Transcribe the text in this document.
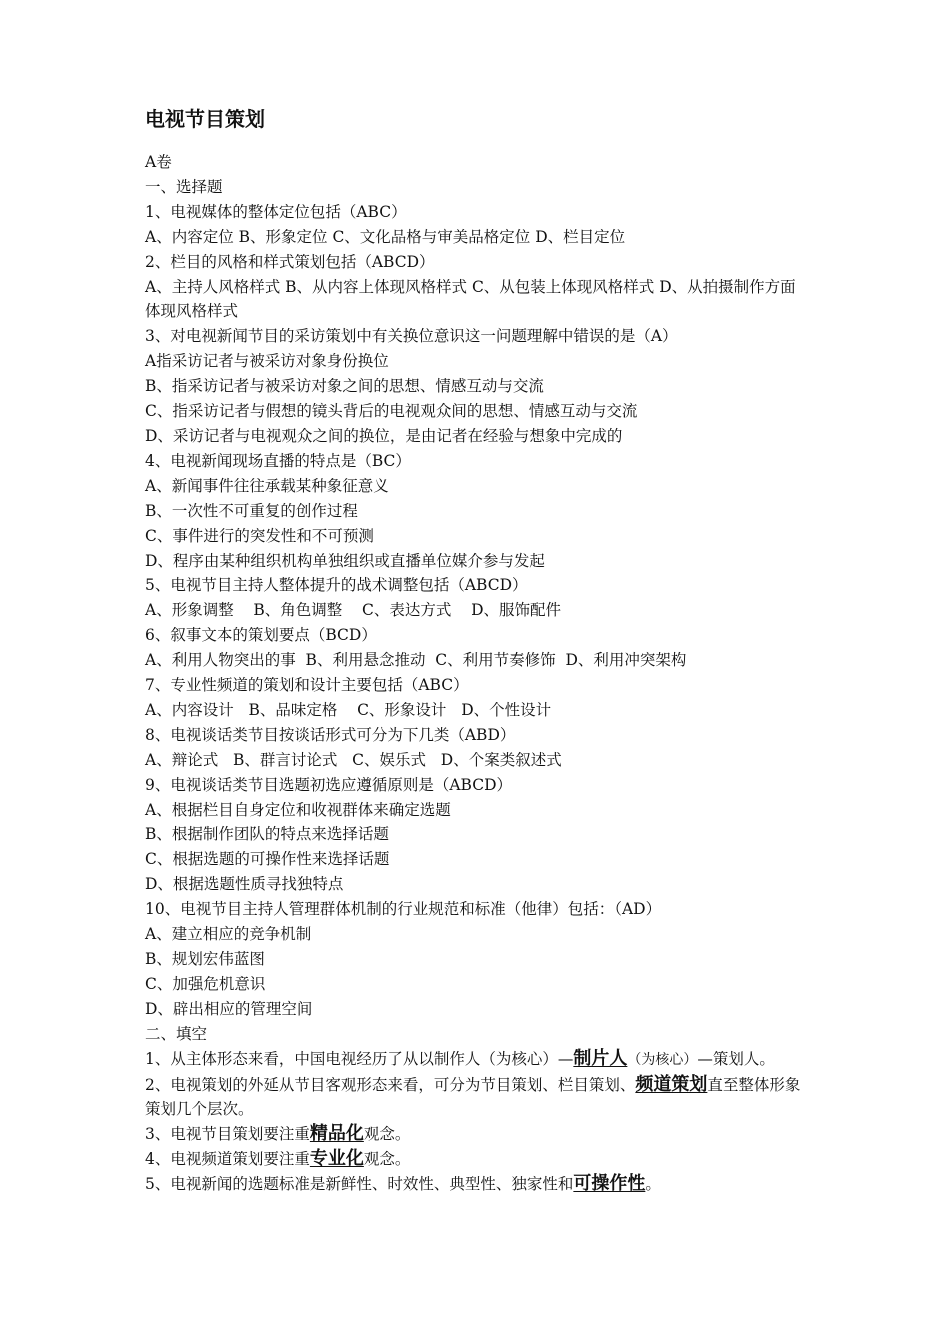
电视节目策划
A卷
一、选择题
1、电视媒体的整体定位包括（ABC）
A、内容定位 B、形象定位 C、文化品格与审美品格定位 D、栏目定位
2、栏目的风格和样式策划包括（ABCD）
A、主持人风格样式 B、从内容上体现风格样式 C、从包装上体现风格样式 D、从拍摄制作方面体现风格样式
3、对电视新闻节目的采访策划中有关换位意识这一问题理解中错误的是（A）
A指采访记者与被采访对象身份换位
B、指采访记者与被采访对象之间的思想、情感互动与交流
C、指采访记者与假想的镜头背后的电视观众间的思想、情感互动与交流
D、采访记者与电视观众之间的换位，是由记者在经验与想象中完成的
4、电视新闻现场直播的特点是（BC）
A、新闻事件往往承载某种象征意义
B、一次性不可重复的创作过程
C、事件进行的突发性和不可预测
D、程序由某种组织机构单独组织或直播单位媒介参与发起
5、电视节目主持人整体提升的战术调整包括（ABCD）
A、形象调整    B、角色调整    C、表达方式    D、服饰配件
6、叙事文本的策划要点（BCD）
A、利用人物突出的事  B、利用悬念推动  C、利用节奏修饰  D、利用冲突架构
7、专业性频道的策划和设计主要包括（ABC）
A、内容设计   B、品味定格    C、形象设计   D、个性设计
8、电视谈话类节目按谈话形式可分为下几类（ABD）
A、辩论式   B、群言讨论式   C、娱乐式   D、个案类叙述式
9、电视谈话类节目选题初选应遵循原则是（ABCD）
A、根据栏目自身定位和收视群体来确定选题
B、根据制作团队的特点来选择话题
C、根据选题的可操作性来选择话题
D、根据选题性质寻找独特点
10、电视节目主持人管理群体机制的行业规范和标准（他律）包括：（AD）
A、建立相应的竞争机制
B、规划宏伟蓝图
C、加强危机意识
D、辟出相应的管理空间
二、填空
1、从主体形态来看，中国电视经历了从以制作人（为核心）—制片人（为核心）—策划人。
2、电视策划的外延从节目客观形态来看，可分为节目策划、栏目策划、频道策划直至整体形象策划几个层次。
3、电视节目策划要注重精品化观念。
4、电视频道策划要注重专业化观念。
5、电视新闻的选题标准是新鲜性、时效性、典型性、独家性和可操作性。
